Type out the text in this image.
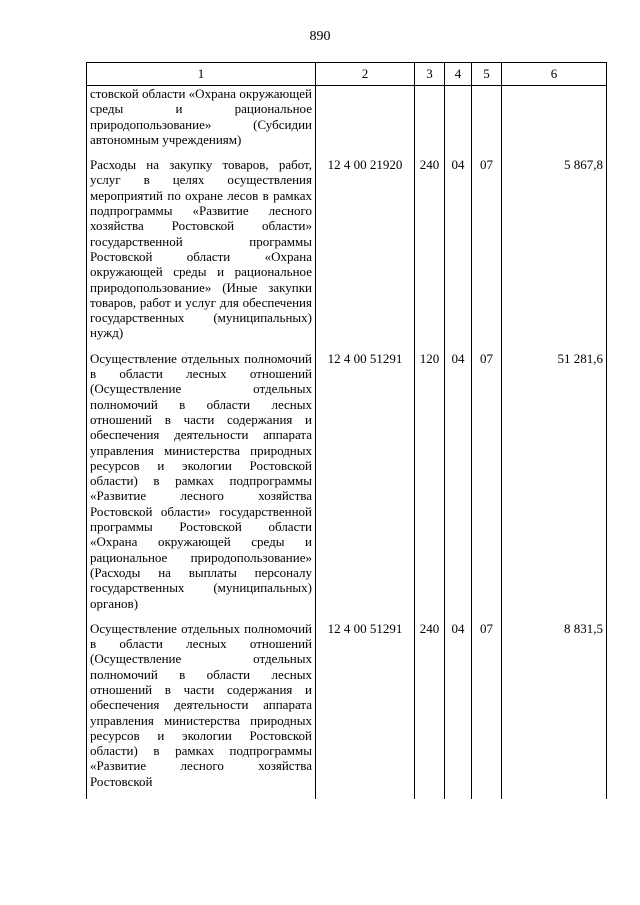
890
1	2	3	4	5	6
стовской области «Охрана окружающей среды и рациональное природопользование» (Субсидии автономным учреждениям)					
Расходы на закупку товаров, работ, услуг в целях осуществления мероприятий по охране лесов в рамках подпрограммы «Развитие лесного хозяйства Ростовской области» государственной программы Ростовской области «Охрана окружающей среды и рациональное природопользование» (Иные закупки товаров, работ и услуг для обеспечения государственных (муниципальных) нужд)	12 4 00 21920	240	04	07	5 867,8
Осуществление отдельных полномочий в области лесных отношений (Осуществление отдельных полномочий в области лесных отношений в части содержания и обеспечения деятельности аппарата управления министерства природных ресурсов и экологии Ростовской области) в рамках подпрограммы «Развитие лесного хозяйства Ростовской области» государственной программы Ростовской области «Охрана окружающей среды и рациональное природопользование» (Расходы на выплаты персоналу государственных (муниципальных) органов)	12 4 00 51291	120	04	07	51 281,6
Осуществление отдельных полномочий в области лесных отношений (Осуществление отдельных полномочий в области лесных отношений в части содержания и обеспечения деятельности аппарата управления министерства природных ресурсов и экологии Ростовской области) в рамках подпрограммы «Развитие лесного хозяйства Ростовской	12 4 00 51291	240	04	07	8 831,5
